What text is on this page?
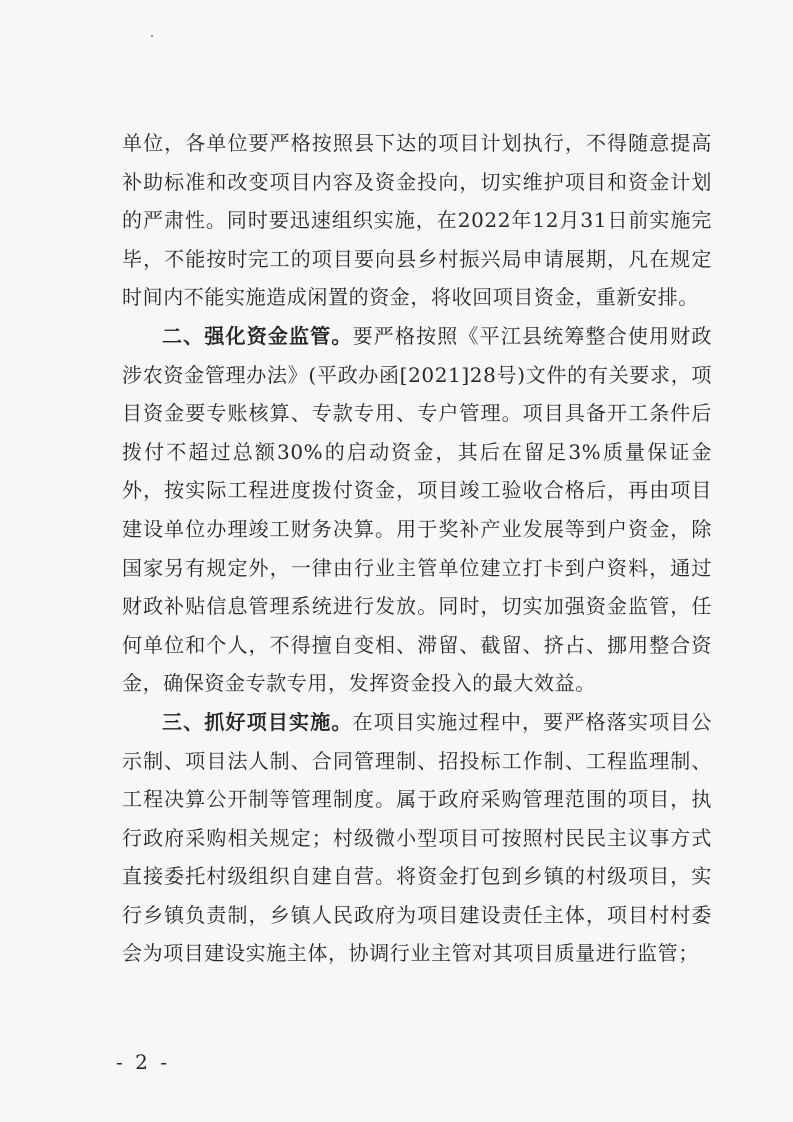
单位，各单位要严格按照县下达的项目计划执行，不得随意提高补助标准和改变项目内容及资金投向，切实维护项目和资金计划的严肃性。同时要迅速组织实施，在2022年12月31日前实施完毕，不能按时完工的项目要向县乡村振兴局申请展期，凡在规定时间内不能实施造成闲置的资金，将收回项目资金，重新安排。

二、强化资金监管。要严格按照《平江县统筹整合使用财政涉农资金管理办法》(平政办函[2021]28号)文件的有关要求，项目资金要专账核算、专款专用、专户管理。项目具备开工条件后拨付不超过总额30%的启动资金，其后在留足3%质量保证金外，按实际工程进度拨付资金，项目竣工验收合格后，再由项目建设单位办理竣工财务决算。用于奖补产业发展等到户资金，除国家另有规定外，一律由行业主管单位建立打卡到户资料，通过财政补贴信息管理系统进行发放。同时，切实加强资金监管，任何单位和个人，不得擅自变相、滞留、截留、挤占、挪用整合资金，确保资金专款专用，发挥资金投入的最大效益。

三、抓好项目实施。在项目实施过程中，要严格落实项目公示制、项目法人制、合同管理制、招投标工作制、工程监理制、工程决算公开制等管理制度。属于政府采购管理范围的项目，执行政府采购相关规定；村级微小型项目可按照村民民主议事方式直接委托村级组织自建自营。将资金打包到乡镇的村级项目，实行乡镇负责制，乡镇人民政府为项目建设责任主体，项目村村委会为项目建设实施主体，协调行业主管对其项目质量进行监管；

- 2 -
